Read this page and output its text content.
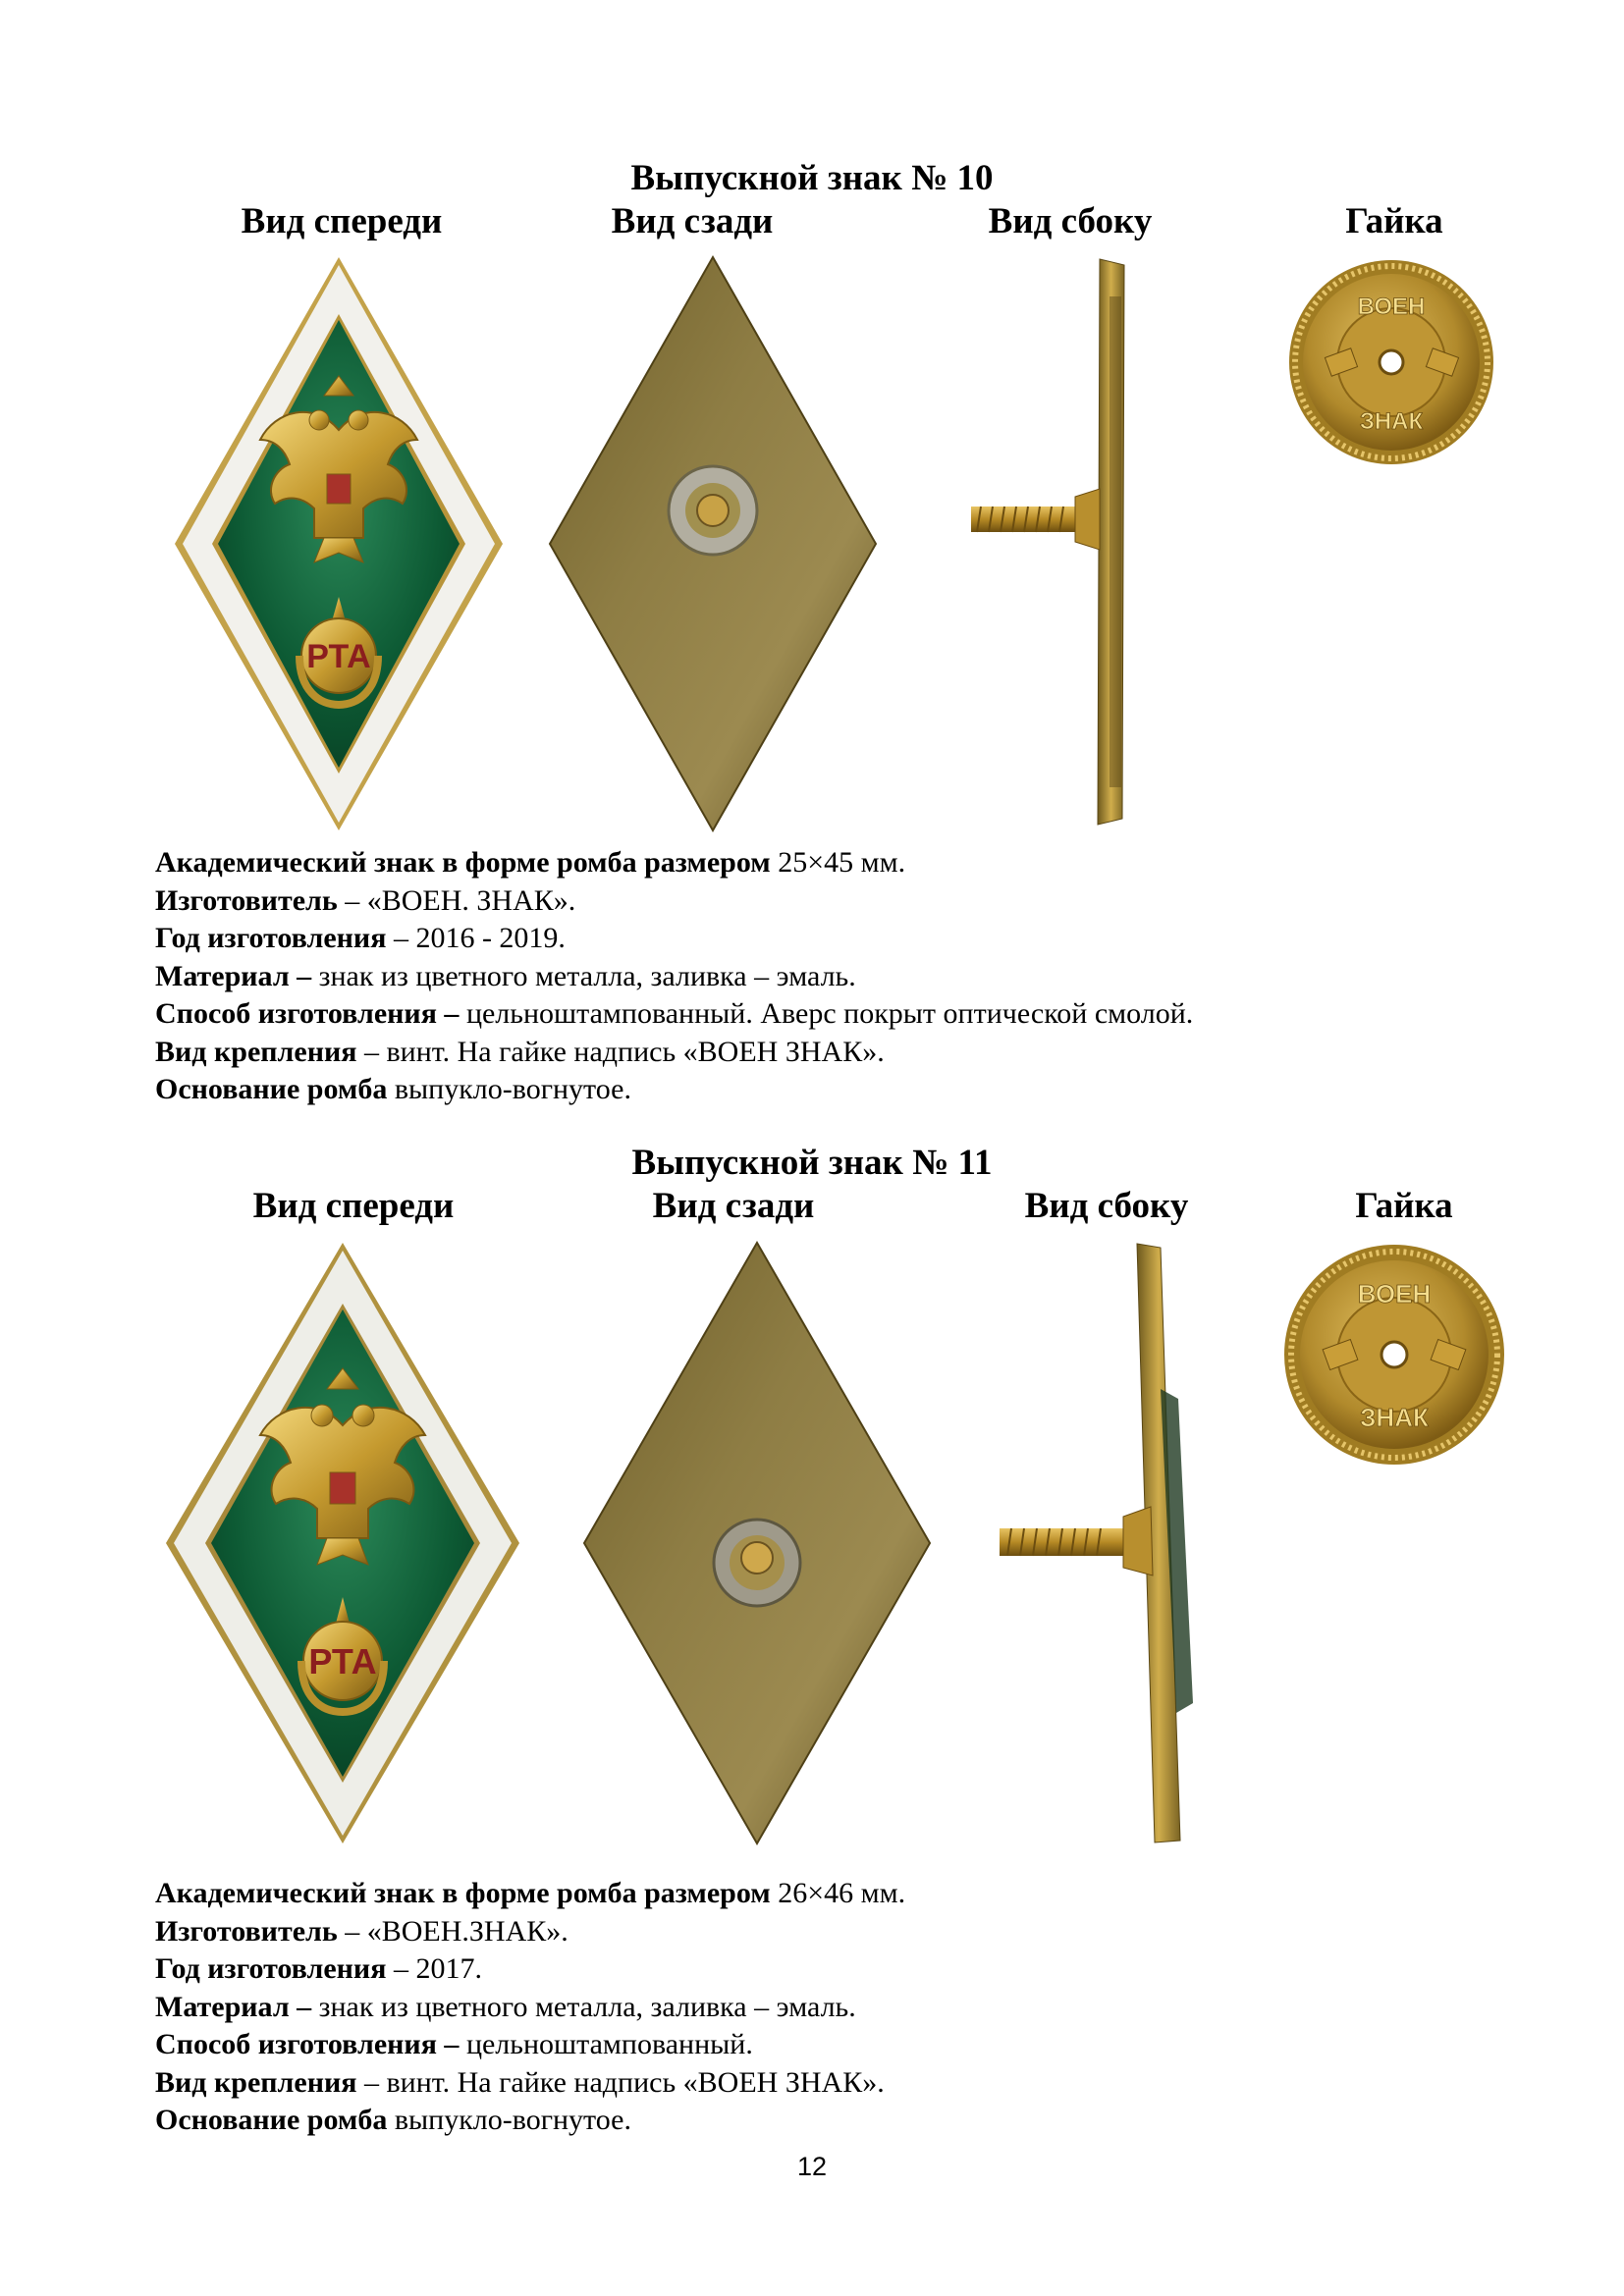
Выпускной знак № 10
Вид спереди	Вид сзади	Вид сбоку	Гайка
РТА
ВОЕН
ЗНАК

Академический знак в форме ромба размером 25×45 мм.

Изготовитель – «ВОЕН. ЗНАК».

Год изготовления – 2016 - 2019.

Материал – знак из цветного металла, заливка – эмаль.

Способ изготовления – цельноштампованный. Аверс покрыт оптической смолой.

Вид крепления – винт. На гайке надпись «ВОЕН ЗНАК».

Основание ромба выпукло-вогнутое.

Выпускной знак № 11
Вид спереди	Вид сзади	Вид сбоку	Гайка
РТА
ВОЕН
ЗНАК

Академический знак в форме ромба размером 26×46 мм.

Изготовитель – «ВОЕН.ЗНАК».

Год изготовления – 2017.

Материал – знак из цветного металла, заливка – эмаль.

Способ изготовления – цельноштампованный.

Вид крепления – винт. На гайке надпись «ВОЕН ЗНАК».

Основание ромба выпукло-вогнутое.

12
